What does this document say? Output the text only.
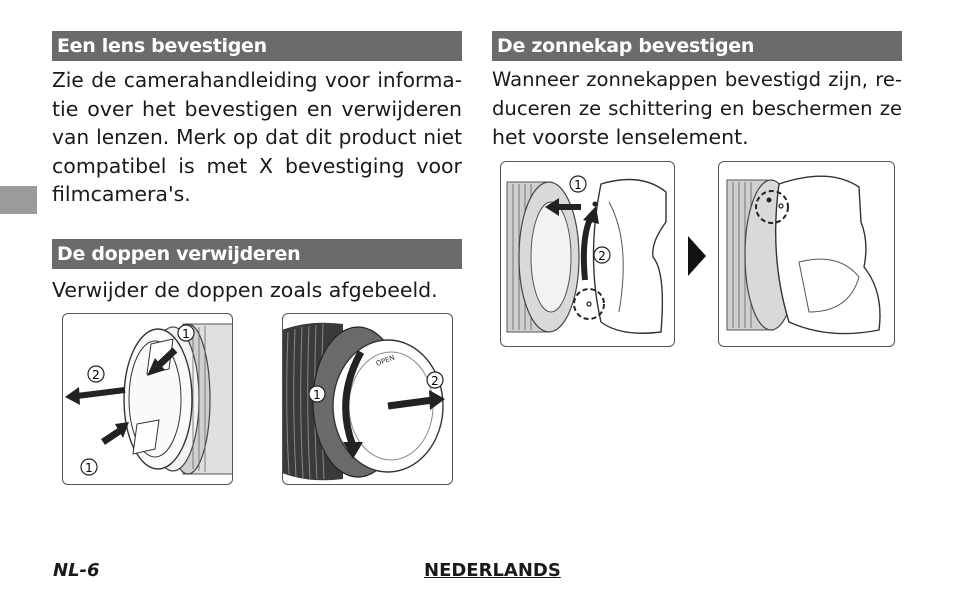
Een lens bevestigen
Zie de camerahandleiding voor informa-
tie over het bevestigen en verwijderen
van lenzen. Merk op dat dit product niet
compatibel is met X bevestiging voor
filmcamera's.
De doppen verwijderen
Verwijder de doppen zoals afgebeeld.
1
2
1
OPEN
1
2
De zonnekap bevestigen
Wanneer zonnekappen bevestigd zijn, re-
duceren ze schittering en beschermen ze
het voorste lenselement.
1
2
NL-6	NEDERLANDS
